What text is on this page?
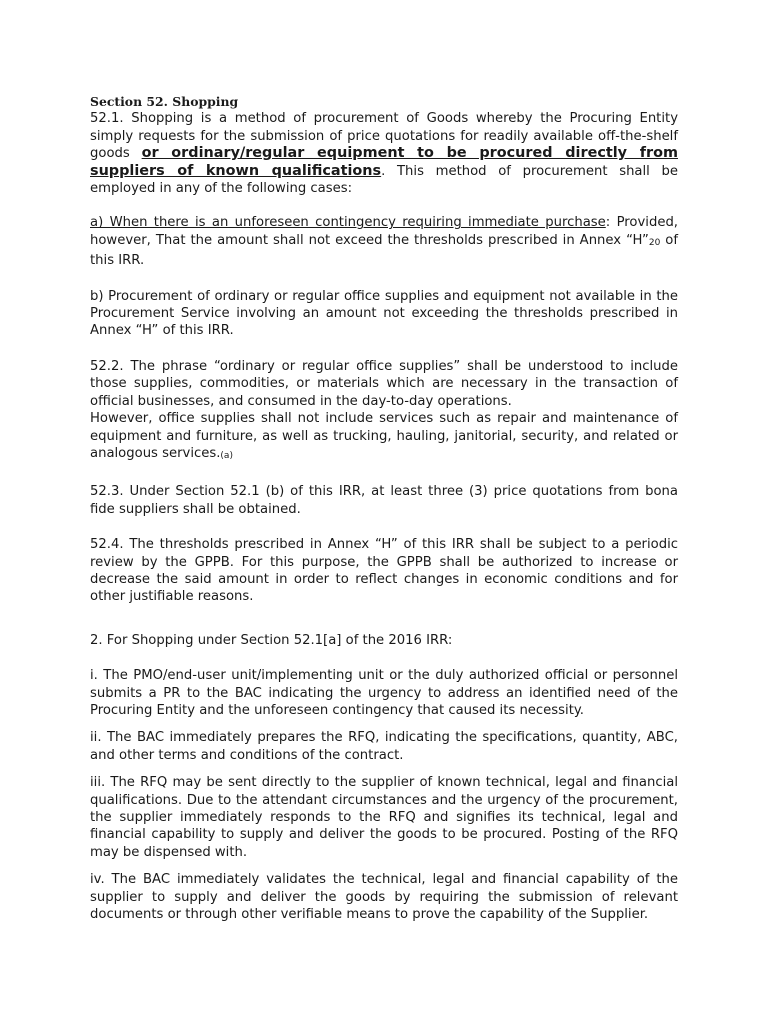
Section 52. Shopping

52.1. Shopping is a method of procurement of Goods whereby the Procuring Entity simply requests for the submission of price quotations for readily available off-the-shelf goods or ordinary/regular equipment to be procured directly from suppliers of known qualifications. This method of procurement shall be employed in any of the following cases:

a) When there is an unforeseen contingency requiring immediate purchase: Provided, however, That the amount shall not exceed the thresholds prescribed in Annex “$H”_{20}$ of this IRR.

b) Procurement of ordinary or regular office supplies and equipment not available in the Procurement Service involving an amount not exceeding the thresholds prescribed in Annex “H” of this IRR.

52.2. The phrase “ordinary or regular office supplies” shall be understood to include those supplies, commodities, or materials which are necessary in the transaction of official businesses, and consumed in the day-to-day operations.

However, office supplies shall not include services such as repair and maintenance of equipment and furniture, as well as trucking, hauling, janitorial, security, and related or analogous $services._{(a)}$

52.3. Under Section 52.1 (b) of this IRR, at least three (3) price quotations from bona fide suppliers shall be obtained.

52.4. The thresholds prescribed in Annex “H” of this IRR shall be subject to a periodic review by the GPPB. For this purpose, the GPPB shall be authorized to increase or decrease the said amount in order to reflect changes in economic conditions and for other justifiable reasons.

2. For Shopping under Section 52.1[a] of the 2016 IRR:

i. The PMO/end-user unit/implementing unit or the duly authorized official or personnel submits a PR to the BAC indicating the urgency to address an identified need of the Procuring Entity and the unforeseen contingency that caused its necessity.

ii. The BAC immediately prepares the RFQ, indicating the specifications, quantity, ABC, and other terms and conditions of the contract.

iii. The RFQ may be sent directly to the supplier of known technical, legal and financial qualifications. Due to the attendant circumstances and the urgency of the procurement, the supplier immediately responds to the RFQ and signifies its technical, legal and financial capability to supply and deliver the goods to be procured. Posting of the RFQ may be dispensed with.

iv. The BAC immediately validates the technical, legal and financial capability of the supplier to supply and deliver the goods by requiring the submission of relevant documents or through other verifiable means to prove the capability of the Supplier.
